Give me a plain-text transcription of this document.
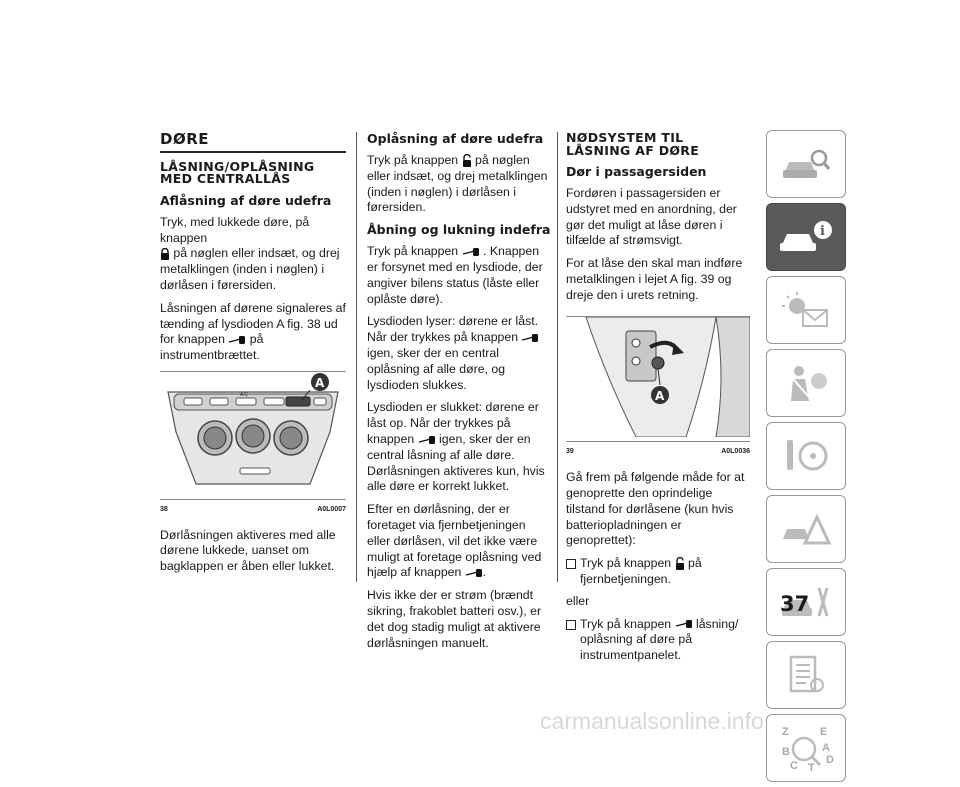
DØRE
LÅSNING/OPLÅSNING MED CENTRALLÅS
Aflåsning af døre udefra

Tryk, med lukkede døre, på knappen
på nøglen eller indsæt, og drej metalklingen (inden i nøglen) i dørlåsen i førersiden.

Låsningen af dørene signaleres af tænding af lysdioden A fig. 38 ud for knappen på instrumentbrættet.

A/C
A
38	A0L0007

Dørlåsningen aktiveres med alle dørene lukkede, uanset om bagklappen er åben eller lukket.

Oplåsning af døre udefra

Tryk på knappen på nøglen eller indsæt, og drej metalklingen (inden i nøglen) i dørlåsen i førersiden.

Åbning og lukning indefra

Tryk på knappen . Knappen er forsynet med en lysdiode, der angiver bilens status (låste eller oplåste døre).

Lysdioden lyser: dørene er låst. Når der trykkes på knappen  igen, sker der en central oplåsning af alle døre, og lysdioden slukkes.

Lysdioden er slukket: dørene er låst op. Når der trykkes på knappen igen, sker der en central låsning af alle døre. Dørlåsningen aktiveres kun, hvis alle døre er korrekt lukket.

Efter en dørlåsning, der er foretaget via fjernbetjeningen eller dørlåsen, vil det ikke være muligt at foretage oplåsning ved hjælp af knappen .

Hvis ikke der er strøm (brændt sikring, frakoblet batteri osv.), er det dog stadig muligt at aktivere dørlåsningen manuelt.

NØDSYSTEM TIL LÅSNING AF DØRE
Dør i passagersiden

Fordøren i passagersiden er udstyret med en anordning, der gør det muligt at låse døren i tilfælde af strømsvigt.

For at låse den skal man indføre metalklingen i lejet A fig. 39 og dreje den i urets retning.

A
39	A0L0036

Gå frem på følgende måde for at genoprette den oprindelige tilstand for dørlåsene (kun hvis batteriopladningen er genoprettet):

Tryk på knappen på fjernbetjeningen.

eller

Tryk på knappen låsning/ oplåsning af døre på instrumentpanelet.
i
Z	E
B	A
C	D
T
37
carmanualsonline.info
